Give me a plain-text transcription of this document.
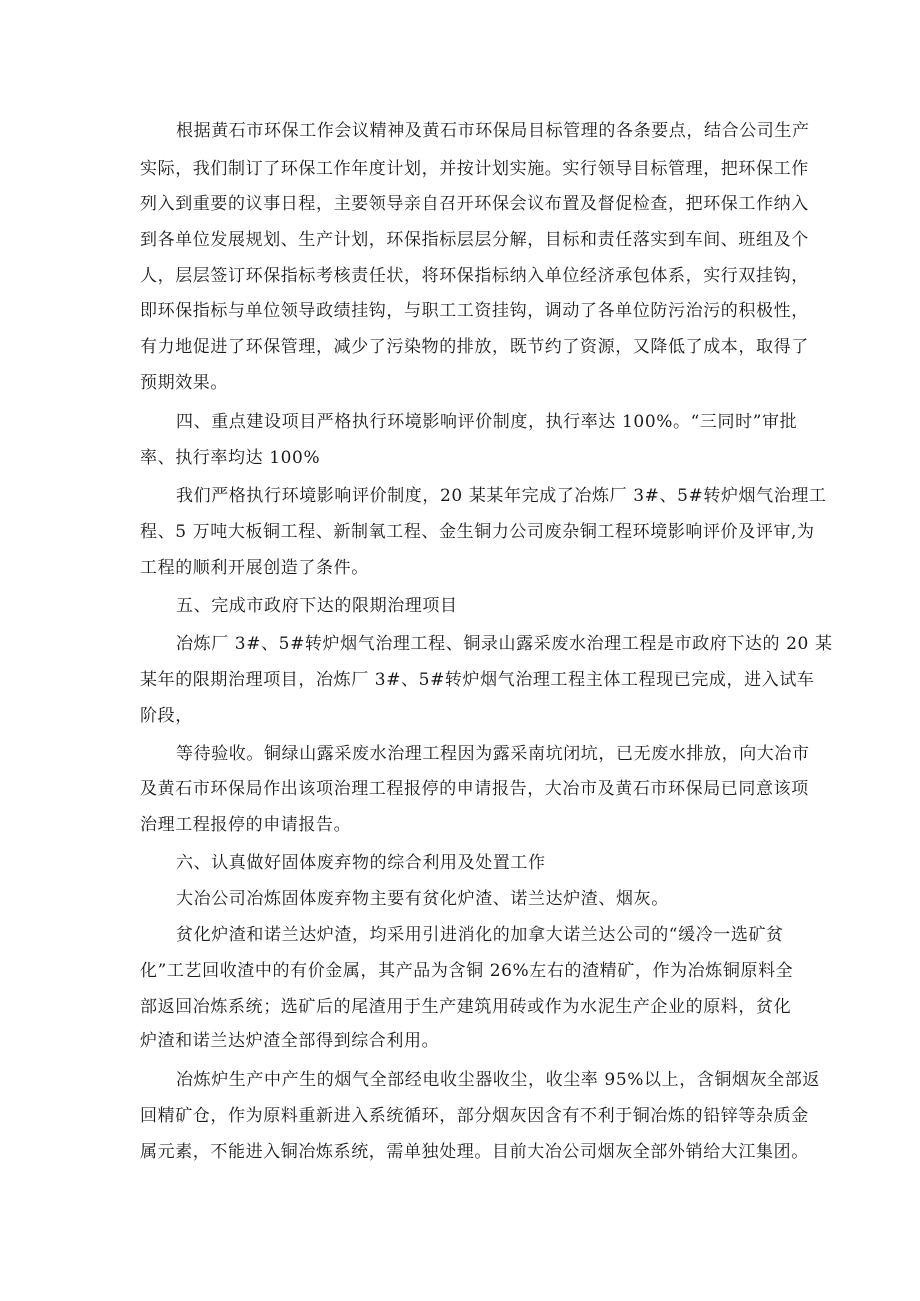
根据黄石市环保工作会议精神及黄石市环保局目标管理的各条要点，结合公司生产
实际，我们制订了环保工作年度计划，并按计划实施。实行领导目标管理，把环保工作
列入到重要的议事日程，主要领导亲自召开环保会议布置及督促检查，把环保工作纳入
到各单位发展规划、生产计划，环保指标层层分解，目标和责任落实到车间、班组及个
人，层层签订环保指标考核责任状，将环保指标纳入单位经济承包体系，实行双挂钩，
即环保指标与单位领导政绩挂钩，与职工工资挂钩，调动了各单位防污治污的积极性，
有力地促进了环保管理，减少了污染物的排放，既节约了资源，又降低了成本，取得了
预期效果。
四、重点建设项目严格执行环境影响评价制度，执行率达 100%。“三同时”审批
率、执行率均达 100%
我们严格执行环境影响评价制度，20 某某年完成了冶炼厂 3#、5#转炉烟气治理工
程、5 万吨大板铜工程、新制氧工程、金生铜力公司废杂铜工程环境影响评价及评审,为
工程的顺利开展创造了条件。
五、完成市政府下达的限期治理项目
冶炼厂 3#、5#转炉烟气治理工程、铜录山露采废水治理工程是市政府下达的 20 某
某年的限期治理项目，冶炼厂 3#、5#转炉烟气治理工程主体工程现已完成，进入试车
阶段，
等待验收。铜绿山露采废水治理工程因为露采南坑闭坑，已无废水排放，向大冶市
及黄石市环保局作出该项治理工程报停的申请报告，大冶市及黄石市环保局已同意该项
治理工程报停的申请报告。
六、认真做好固体废弃物的综合利用及处置工作
大冶公司冶炼固体废弃物主要有贫化炉渣、诺兰达炉渣、烟灰。
贫化炉渣和诺兰达炉渣，均采用引进消化的加拿大诺兰达公司的“缓冷一选矿贫
化”工艺回收渣中的有价金属，其产品为含铜 26%左右的渣精矿，作为冶炼铜原料全
部返回冶炼系统；选矿后的尾渣用于生产建筑用砖或作为水泥生产企业的原料，贫化
炉渣和诺兰达炉渣全部得到综合利用。
冶炼炉生产中产生的烟气全部经电收尘器收尘，收尘率 95%以上，含铜烟灰全部返
回精矿仓，作为原料重新进入系统循环，部分烟灰因含有不利于铜冶炼的铅锌等杂质金
属元素，不能进入铜冶炼系统，需单独处理。目前大冶公司烟灰全部外销给大江集团。
